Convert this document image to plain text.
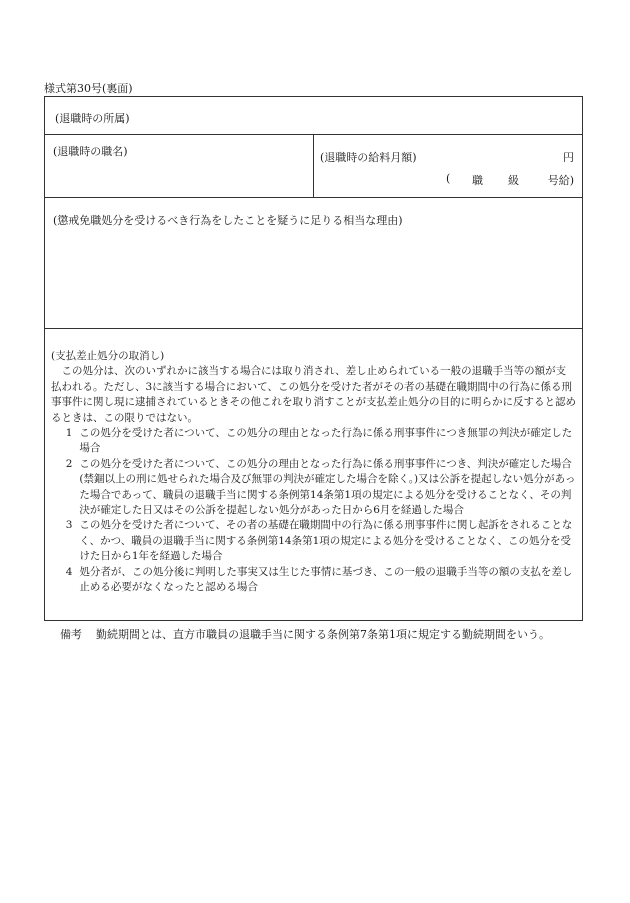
様式第30号(裏面)
(退職時の所属)
(退職時の職名)	(退職時の給料月額)	円
( 職 級	号給)
(懲戒免職処分を受けるべき行為をしたことを疑うに足りる相当な理由)
(支払差止処分の取消し)

この処分は、次のいずれかに該当する場合には取り消され、差し止められている一般の退職手当等の額が支払われる。ただし、3に該当する場合において、この処分を受けた者がその者の基礎在職期間中の行為に係る刑事事件に関し現に逮捕されているときその他これを取り消すことが支払差止処分の目的に明らかに反すると認めるときは、この限りではない。

1 この処分を受けた者について、この処分の理由となった行為に係る刑事事件につき無罪の判決が確定した場合

2 この処分を受けた者について、この処分の理由となった行為に係る刑事事件につき、判決が確定した場合(禁錮以上の刑に処せられた場合及び無罪の判決が確定した場合を除く。)又は公訴を提起しない処分があった場合であって、職員の退職手当に関する条例第14条第1項の規定による処分を受けることなく、その判決が確定した日又はその公訴を提起しない処分があった日から6月を経過した場合

3 この処分を受けた者について、その者の基礎在職期間中の行為に係る刑事事件に関し起訴をされることなく、かつ、職員の退職手当に関する条例第14条第1項の規定による処分を受けることなく、この処分を受けた日から1年を経過した場合

4 処分者が、この処分後に判明した事実又は生じた事情に基づき、この一般の退職手当等の額の支払を差し止める必要がなくなったと認める場合

備考 勤続期間とは、直方市職員の退職手当に関する条例第7条第1項に規定する勤続期間をいう。
